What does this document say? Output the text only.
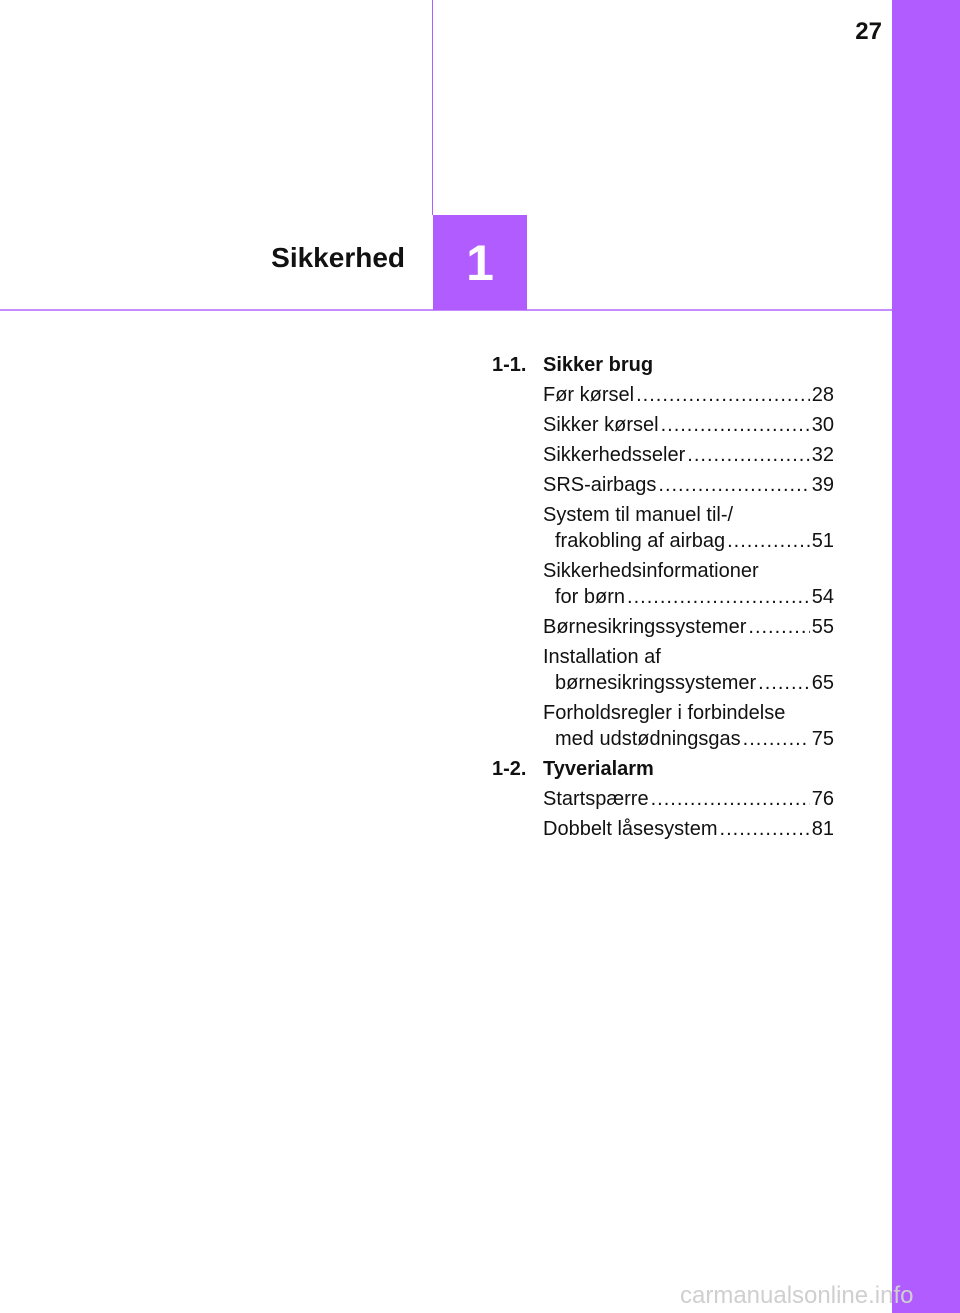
27
Sikkerhed	1
1-1. Sikker brug
Før kørsel .....	28
Sikker kørsel .....	30
Sikkerhedsseler .....	32
SRS-airbags .....	39
System til manuel til-/
frakobling af airbag .....	51
Sikkerhedsinformationer
for børn .....	54
Børnesikringssystemer .....	55
Installation af
børnesikringssystemer .....	65
Forholdsregler i forbindelse
med udstødningsgas .....	75
1-2. Tyverialarm
Startspærre .....	76
Dobbelt låsesystem .....	81
carmanualsonline.info
